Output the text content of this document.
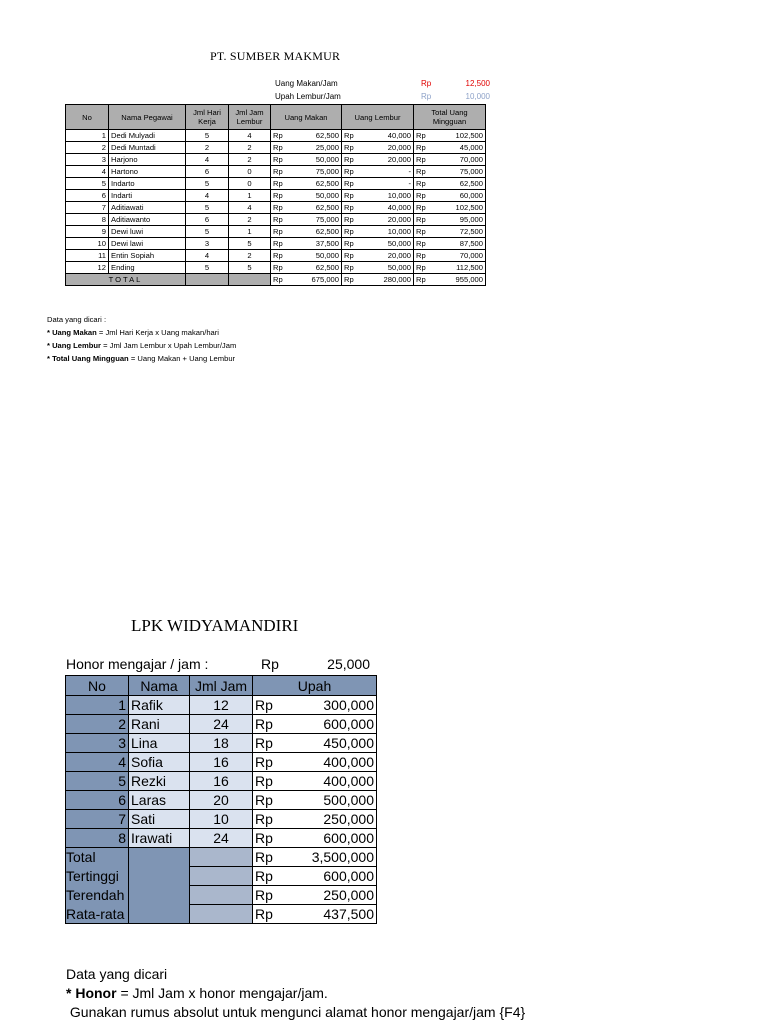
PT. SUMBER MAKMUR
Uang Makan/Jam	Rp	12,500
Upah Lembur/Jam	Rp	10,000
No	Nama Pegawai	Jml Hari Kerja	Jml Jam Lembur	Uang Makan		Uang Lembur		Total Uang Mingguan	
1	Dedi Mulyadi	5	4	Rp	62,500	Rp	40,000	Rp	102,500
2	Dedi Muntadi	2	2	Rp	25,000	Rp	20,000	Rp	45,000
3	Harjono	4	2	Rp	50,000	Rp	20,000	Rp	70,000
4	Hartono	6	0	Rp	75,000	Rp	-	Rp	75,000
5	Indarto	5	0	Rp	62,500	Rp	-	Rp	62,500
6	Indarti	4	1	Rp	50,000	Rp	10,000	Rp	60,000
7	Aditiawati	5	4	Rp	62,500	Rp	40,000	Rp	102,500
8	Aditiawanto	6	2	Rp	75,000	Rp	20,000	Rp	95,000
9	Dewi luwi	5	1	Rp	62,500	Rp	10,000	Rp	72,500
10	Dewi lawi	3	5	Rp	37,500	Rp	50,000	Rp	87,500
11	Entin Sopiah	4	2	Rp	50,000	Rp	20,000	Rp	70,000
12	Ending	5	5	Rp	62,500	Rp	50,000	Rp	112,500
TOTAL				Rp	675,000	Rp	280,000	Rp	955,000
Data yang dicari :
* Uang Makan = Jml Hari Kerja x Uang makan/hari
* Uang Lembur = Jml Jam Lembur x Upah Lembur/Jam
* Total Uang Mingguan = Uang Makan + Uang Lembur
LPK WIDYAMANDIRI
Honor mengajar / jam :	Rp	25,000
No	Nama	Jml Jam	Upah	
1	Rafik	12	Rp	300,000
2	Rani	24	Rp	600,000
3	Lina	18	Rp	450,000
4	Sofia	16	Rp	400,000
5	Rezki	16	Rp	400,000
6	Laras	20	Rp	500,000
7	Sati	10	Rp	250,000
8	Irawati	24	Rp	600,000
Total			Rp	3,500,000
Tertinggi			Rp	600,000
Terendah			Rp	250,000
Rata-rata			Rp	437,500
Data yang dicari
* Honor = Jml Jam x honor mengajar/jam.
Gunakan rumus absolut untuk mengunci alamat honor mengajar/jam {F4}
